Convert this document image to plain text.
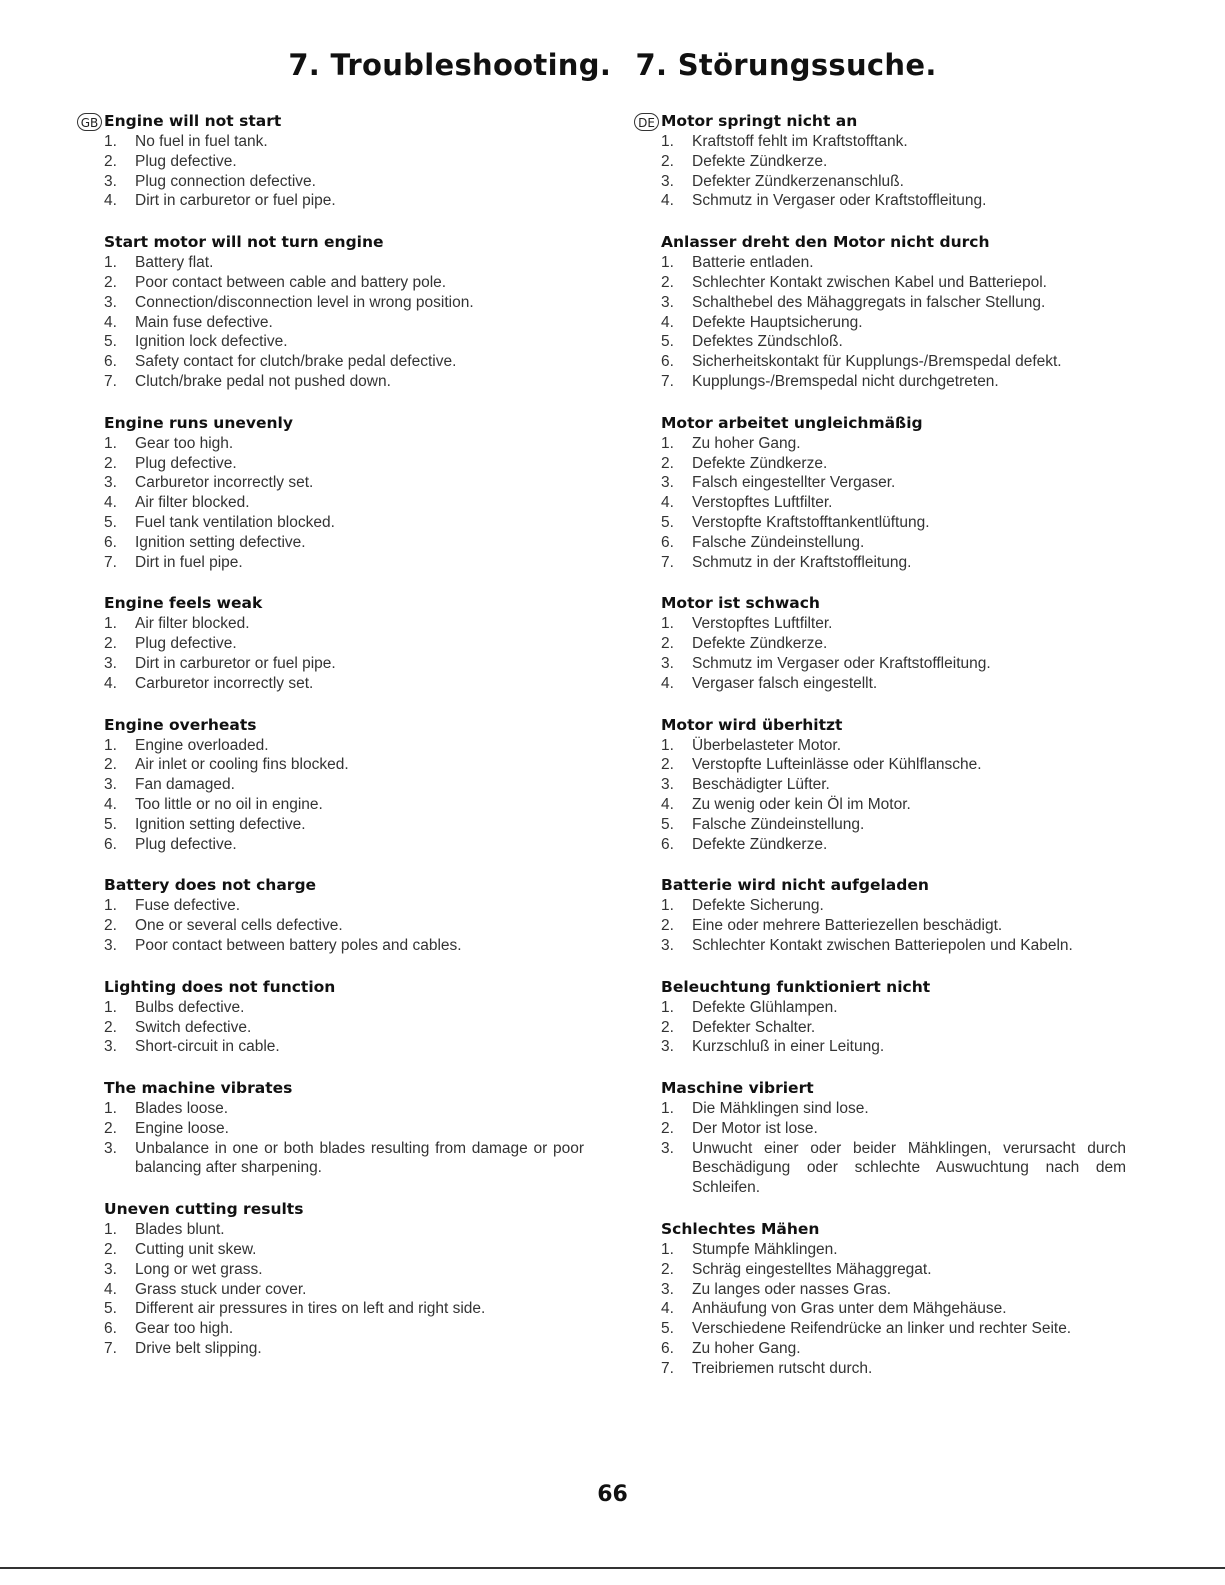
7. Troubleshooting. 7. Störungssuche.
GB Engine will not start
1.	No fuel in fuel tank.
2.	Plug defective.
3.	Plug connection defective.
4.	Dirt in carburetor or fuel pipe.
Start motor will not turn engine
1.	Battery flat.
2.	Poor contact between cable and battery pole.
3.	Connection/disconnection level in wrong position.
4.	Main fuse defective.
5.	Ignition lock defective.
6.	Safety contact for clutch/brake pedal defective.
7.	Clutch/brake pedal not pushed down.
Engine runs unevenly
1.	Gear too high.
2.	Plug defective.
3.	Carburetor incorrectly set.
4.	Air filter blocked.
5.	Fuel tank ventilation blocked.
6.	Ignition setting defective.
7.	Dirt in fuel pipe.
Engine feels weak
1.	Air filter blocked.
2.	Plug defective.
3.	Dirt in carburetor or fuel pipe.
4.	Carburetor incorrectly set.
Engine overheats
1.	Engine overloaded.
2.	Air inlet or cooling fins blocked.
3.	Fan damaged.
4.	Too little or no oil in engine.
5.	Ignition setting defective.
6.	Plug defective.
Battery does not charge
1.	Fuse defective.
2.	One or several cells defective.
3.	Poor contact between battery poles and cables.
Lighting does not function
1.	Bulbs defective.
2.	Switch defective.
3.	Short-circuit in cable.
The machine vibrates
1.	Blades loose.
2.	Engine loose.
3.	Unbalance in one or both blades resulting from damage or poor balancing after sharpening.
Uneven cutting results
1.	Blades blunt.
2.	Cutting unit skew.
3.	Long or wet grass.
4.	Grass stuck under cover.
5.	Different air pressures in tires on left and right side.
6.	Gear too high.
7.	Drive belt slipping.
DE Motor springt nicht an
1.	Kraftstoff fehlt im Kraftstofftank.
2.	Defekte Zündkerze.
3.	Defekter Zündkerzenanschluß.
4.	Schmutz in Vergaser oder Kraftstoffleitung.
Anlasser dreht den Motor nicht durch
1.	Batterie entladen.
2.	Schlechter Kontakt zwischen Kabel und Batteriepol.
3.	Schalthebel des Mähaggregats in falscher Stellung.
4.	Defekte Hauptsicherung.
5.	Defektes Zündschloß.
6.	Sicherheitskontakt für Kupplungs-/Bremspedal defekt.
7.	Kupplungs-/Bremspedal nicht durchgetreten.
Motor arbeitet ungleichmäßig
1.	Zu hoher Gang.
2.	Defekte Zündkerze.
3.	Falsch eingestellter Vergaser.
4.	Verstopftes Luftfilter.
5.	Verstopfte Kraftstofftankentlüftung.
6.	Falsche Zündeinstellung.
7.	Schmutz in der Kraftstoffleitung.
Motor ist schwach
1.	Verstopftes Luftfilter.
2.	Defekte Zündkerze.
3.	Schmutz im Vergaser oder Kraftstoffleitung.
4.	Vergaser falsch eingestellt.
Motor wird überhitzt
1.	Überbelasteter Motor.
2.	Verstopfte Lufteinlässe oder Kühlflansche.
3.	Beschädigter Lüfter.
4.	Zu wenig oder kein Öl im Motor.
5.	Falsche Zündeinstellung.
6.	Defekte Zündkerze.
Batterie wird nicht aufgeladen
1.	Defekte Sicherung.
2.	Eine oder mehrere Batteriezellen beschädigt.
3.	Schlechter Kontakt zwischen Batteriepolen und Kabeln.
Beleuchtung funktioniert nicht
1.	Defekte Glühlampen.
2.	Defekter Schalter.
3.	Kurzschluß in einer Leitung.
Maschine vibriert
1.	Die Mähklingen sind lose.
2.	Der Motor ist lose.
3.	Unwucht einer oder beider Mähklingen, verursacht durch Beschädigung oder schlechte Auswuchtung nach dem Schleifen.
Schlechtes Mähen
1.	Stumpfe Mähklingen.
2.	Schräg eingestelltes Mähaggregat.
3.	Zu langes oder nasses Gras.
4.	Anhäufung von Gras unter dem Mähgehäuse.
5.	Verschiedene Reifendrücke an linker und rechter Seite.
6.	Zu hoher Gang.
7.	Treibriemen rutscht durch.
66
